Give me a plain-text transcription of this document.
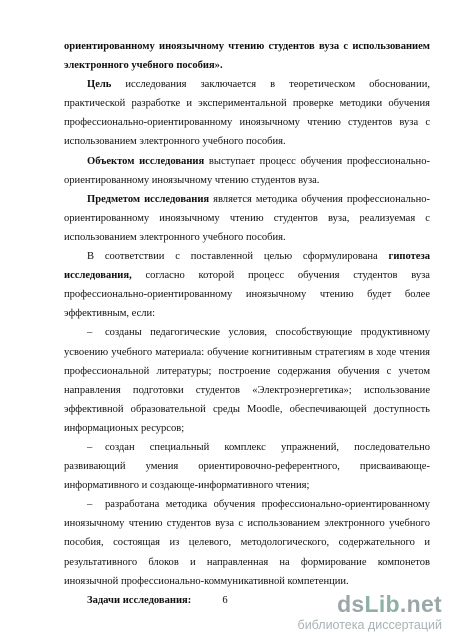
ориентированному иноязычному чтению студентов вуза с использованием электронного учебного пособия».

Цель исследования заключается в теоретическом обосновании, практической разработке и экспериментальной проверке методики обучения профессионально-ориентированному иноязычному чтению студентов вуза с использованием электронного учебного пособия.

Объектом исследования выступает процесс обучения профессионально-ориентированному иноязычному чтению студентов вуза.

Предметом исследования является методика обучения профессионально-ориентированному иноязычному чтению студентов вуза, реализуемая с использованием электронного учебного пособия.

В соответствии с поставленной целью сформулирована гипотеза исследования, согласно которой процесс обучения студентов вуза профессионально-ориентированному иноязычному чтению будет более эффективным, если:

– созданы педагогические условия, способствующие продуктивному усвоению учебного материала: обучение когнитивным стратегиям в ходе чтения профессиональной литературы; построение содержания обучения с учетом направления подготовки студентов «Электроэнергетика»; использование эффективной образовательной среды Moodle, обеспечивающей доступность информационых ресурсов;

– создан специальный комплекс упражнений, последовательно развивающий умения ориентировочно-референтного, присваивающе-информативного и создающе-информативного чтения;

– разработана методика обучения профессионально-ориентированному иноязычному чтению студентов вуза с использованием электронного учебного пособия, состоящая из целевого, методологического, содержательного и результативного блоков и направленная на формирование компонетов иноязычной профессионально-коммуникативной компетенции.

Задачи исследования:	6	dsLib.net
библиотека диссертаций
